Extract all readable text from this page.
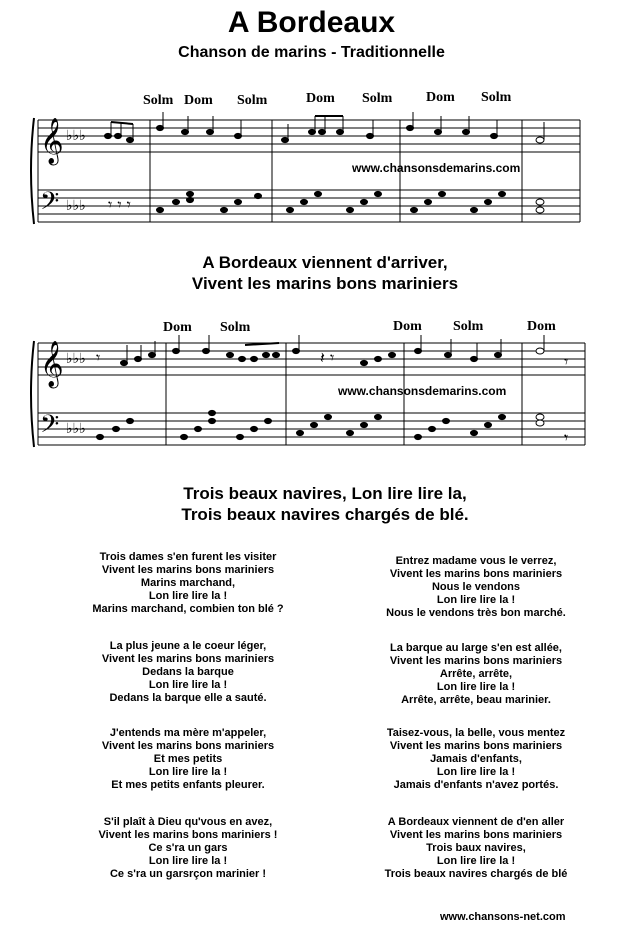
A Bordeaux
Chanson de marins - Traditionnelle
Solm Dom Solm	Dom Solm Dom Solm
𝄞
𝄢
♭♭♭
♭♭♭ 𝄾 𝄾 𝄾
www.chansonsdemarins.com
A Bordeaux viennent d'arriver,
Vivent les marins bons mariniers
Dom Solm	Dom Solm	Dom
𝄞
𝄢
♭♭♭
♭♭♭
𝄾	𝄽 𝄾	𝄾
𝄾
www.chansonsdemarins.com
Trois beaux navires, Lon lire lire la,
Trois beaux navires chargés de blé.
Trois dames s'en furent les visiter
Vivent les marins bons mariniers
Marins marchand,
Lon lire lire la !
Marins marchand, combien ton blé ?
La plus jeune a le coeur léger,
Vivent les marins bons mariniers
Dedans la barque
Lon lire lire la !
Dedans la barque elle a sauté.
J'entends ma mère m'appeler,
Vivent les marins bons mariniers
Et mes petits
Lon lire lire la !
Et mes petits enfants pleurer.
S'il plaît à Dieu qu'vous en avez,
Vivent les marins bons mariniers !
Ce s'ra un gars
Lon lire lire la !
Ce s'ra un garsrçon marinier !
Entrez madame vous le verrez,
Vivent les marins bons mariniers
Nous le vendons
Lon lire lire la !
Nous le vendons très bon marché.
La barque au large s'en est allée,
Vivent les marins bons mariniers
Arrête, arrête,
Lon lire lire la !
Arrête, arrête, beau marinier.
Taisez-vous, la belle, vous mentez
Vivent les marins bons mariniers
Jamais d'enfants,
Lon lire lire la !
Jamais d'enfants n'avez portés.
A Bordeaux viennent de d'en aller
Vivent les marins bons mariniers
Trois baux navires,
Lon lire lire la !
Trois beaux navires chargés de blé
www.chansons-net.com
